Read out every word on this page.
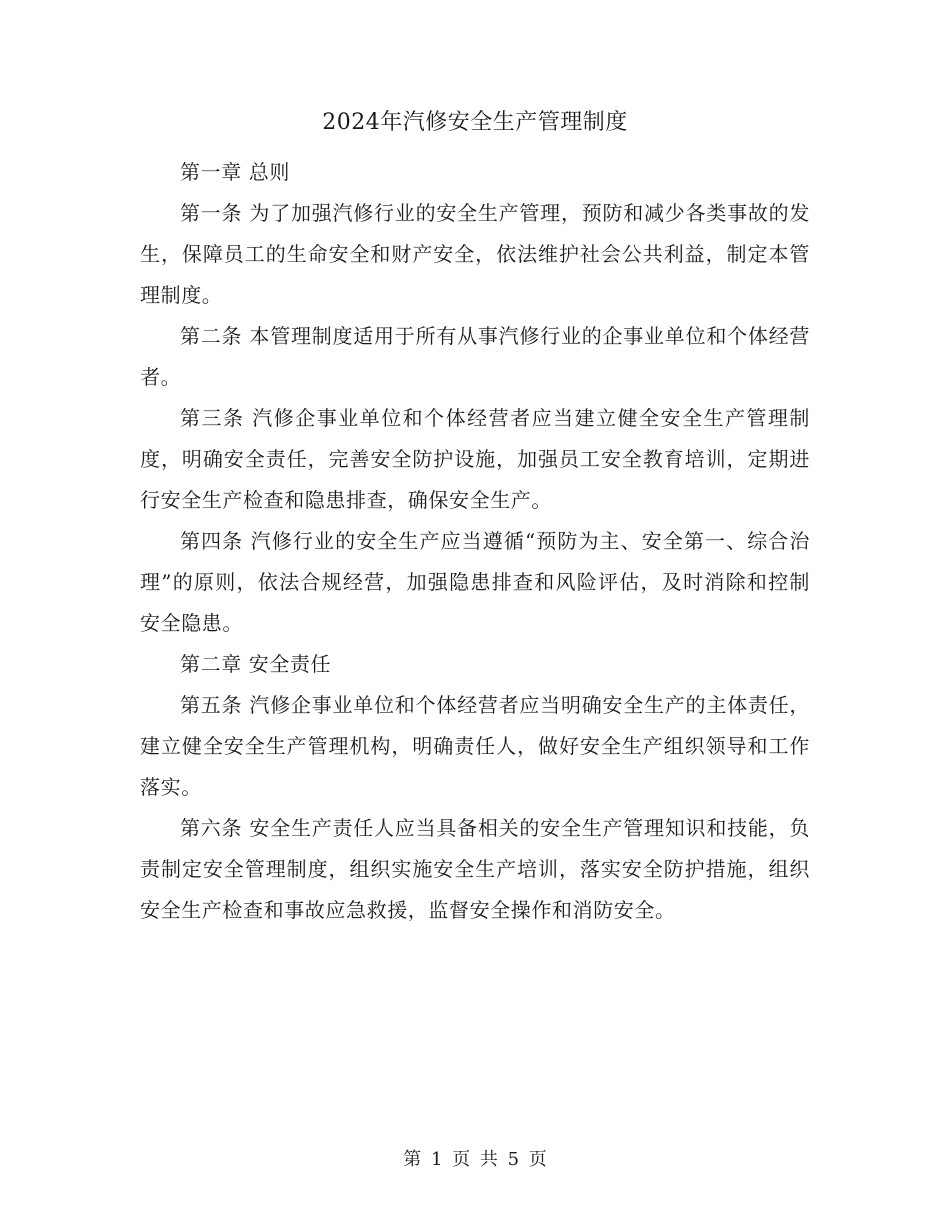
2024年汽修安全生产管理制度

第一章 总则

第一条 为了加强汽修行业的安全生产管理，预防和减少各类事故的发生，保障员工的生命安全和财产安全，依法维护社会公共利益，制定本管理制度。

第二条 本管理制度适用于所有从事汽修行业的企事业单位和个体经营者。

第三条 汽修企事业单位和个体经营者应当建立健全安全生产管理制度，明确安全责任，完善安全防护设施，加强员工安全教育培训，定期进行安全生产检查和隐患排查，确保安全生产。

第四条 汽修行业的安全生产应当遵循“预防为主、安全第一、综合治理”的原则，依法合规经营，加强隐患排查和风险评估，及时消除和控制安全隐患。

第二章 安全责任

第五条 汽修企事业单位和个体经营者应当明确安全生产的主体责任，建立健全安全生产管理机构，明确责任人，做好安全生产组织领导和工作落实。

第六条 安全生产责任人应当具备相关的安全生产管理知识和技能，负责制定安全管理制度，组织实施安全生产培训，落实安全防护措施，组织安全生产检查和事故应急救援，监督安全操作和消防安全。

第 1 页 共 5 页
